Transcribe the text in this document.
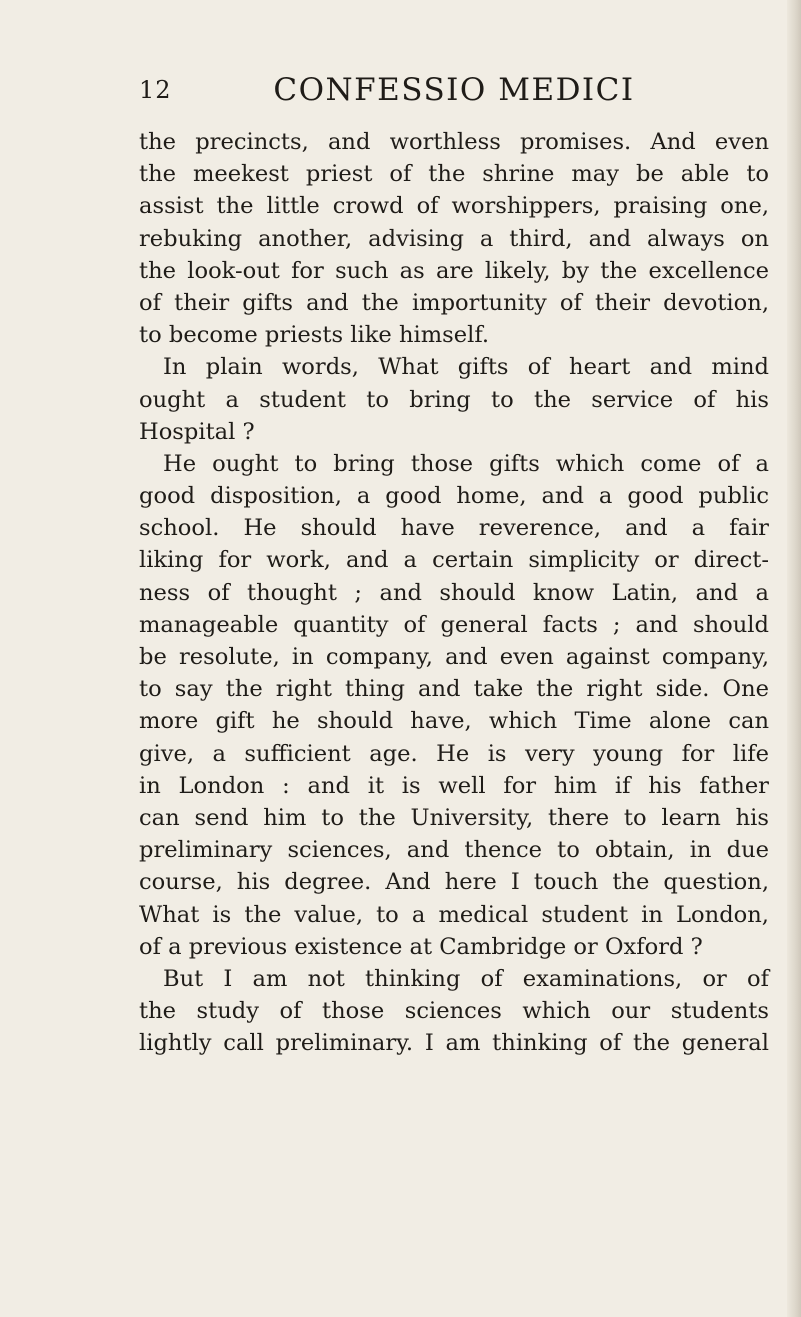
12	CONFESSIO MEDICI
the precincts, and worthless promises. And even
the meekest priest of the shrine may be able to
assist the little crowd of worshippers, praising one,
rebuking another, advising a third, and always on
the look-out for such as are likely, by the excellence
of their gifts and the importunity of their devotion,
to become priests like himself.
In plain words, What gifts of heart and mind
ought a student to bring to the service of his
Hospital ?
He ought to bring those gifts which come of a
good disposition, a good home, and a good public
school. He should have reverence, and a fair
liking for work, and a certain simplicity or direct-
ness of thought ; and should know Latin, and a
manageable quantity of general facts ; and should
be resolute, in company, and even against company,
to say the right thing and take the right side. One
more gift he should have, which Time alone can
give, a sufficient age. He is very young for life
in London : and it is well for him if his father
can send him to the University, there to learn his
preliminary sciences, and thence to obtain, in due
course, his degree. And here I touch the question,
What is the value, to a medical student in London,
of a previous existence at Cambridge or Oxford ?
But I am not thinking of examinations, or of
the study of those sciences which our students
lightly call preliminary. I am thinking of the general
